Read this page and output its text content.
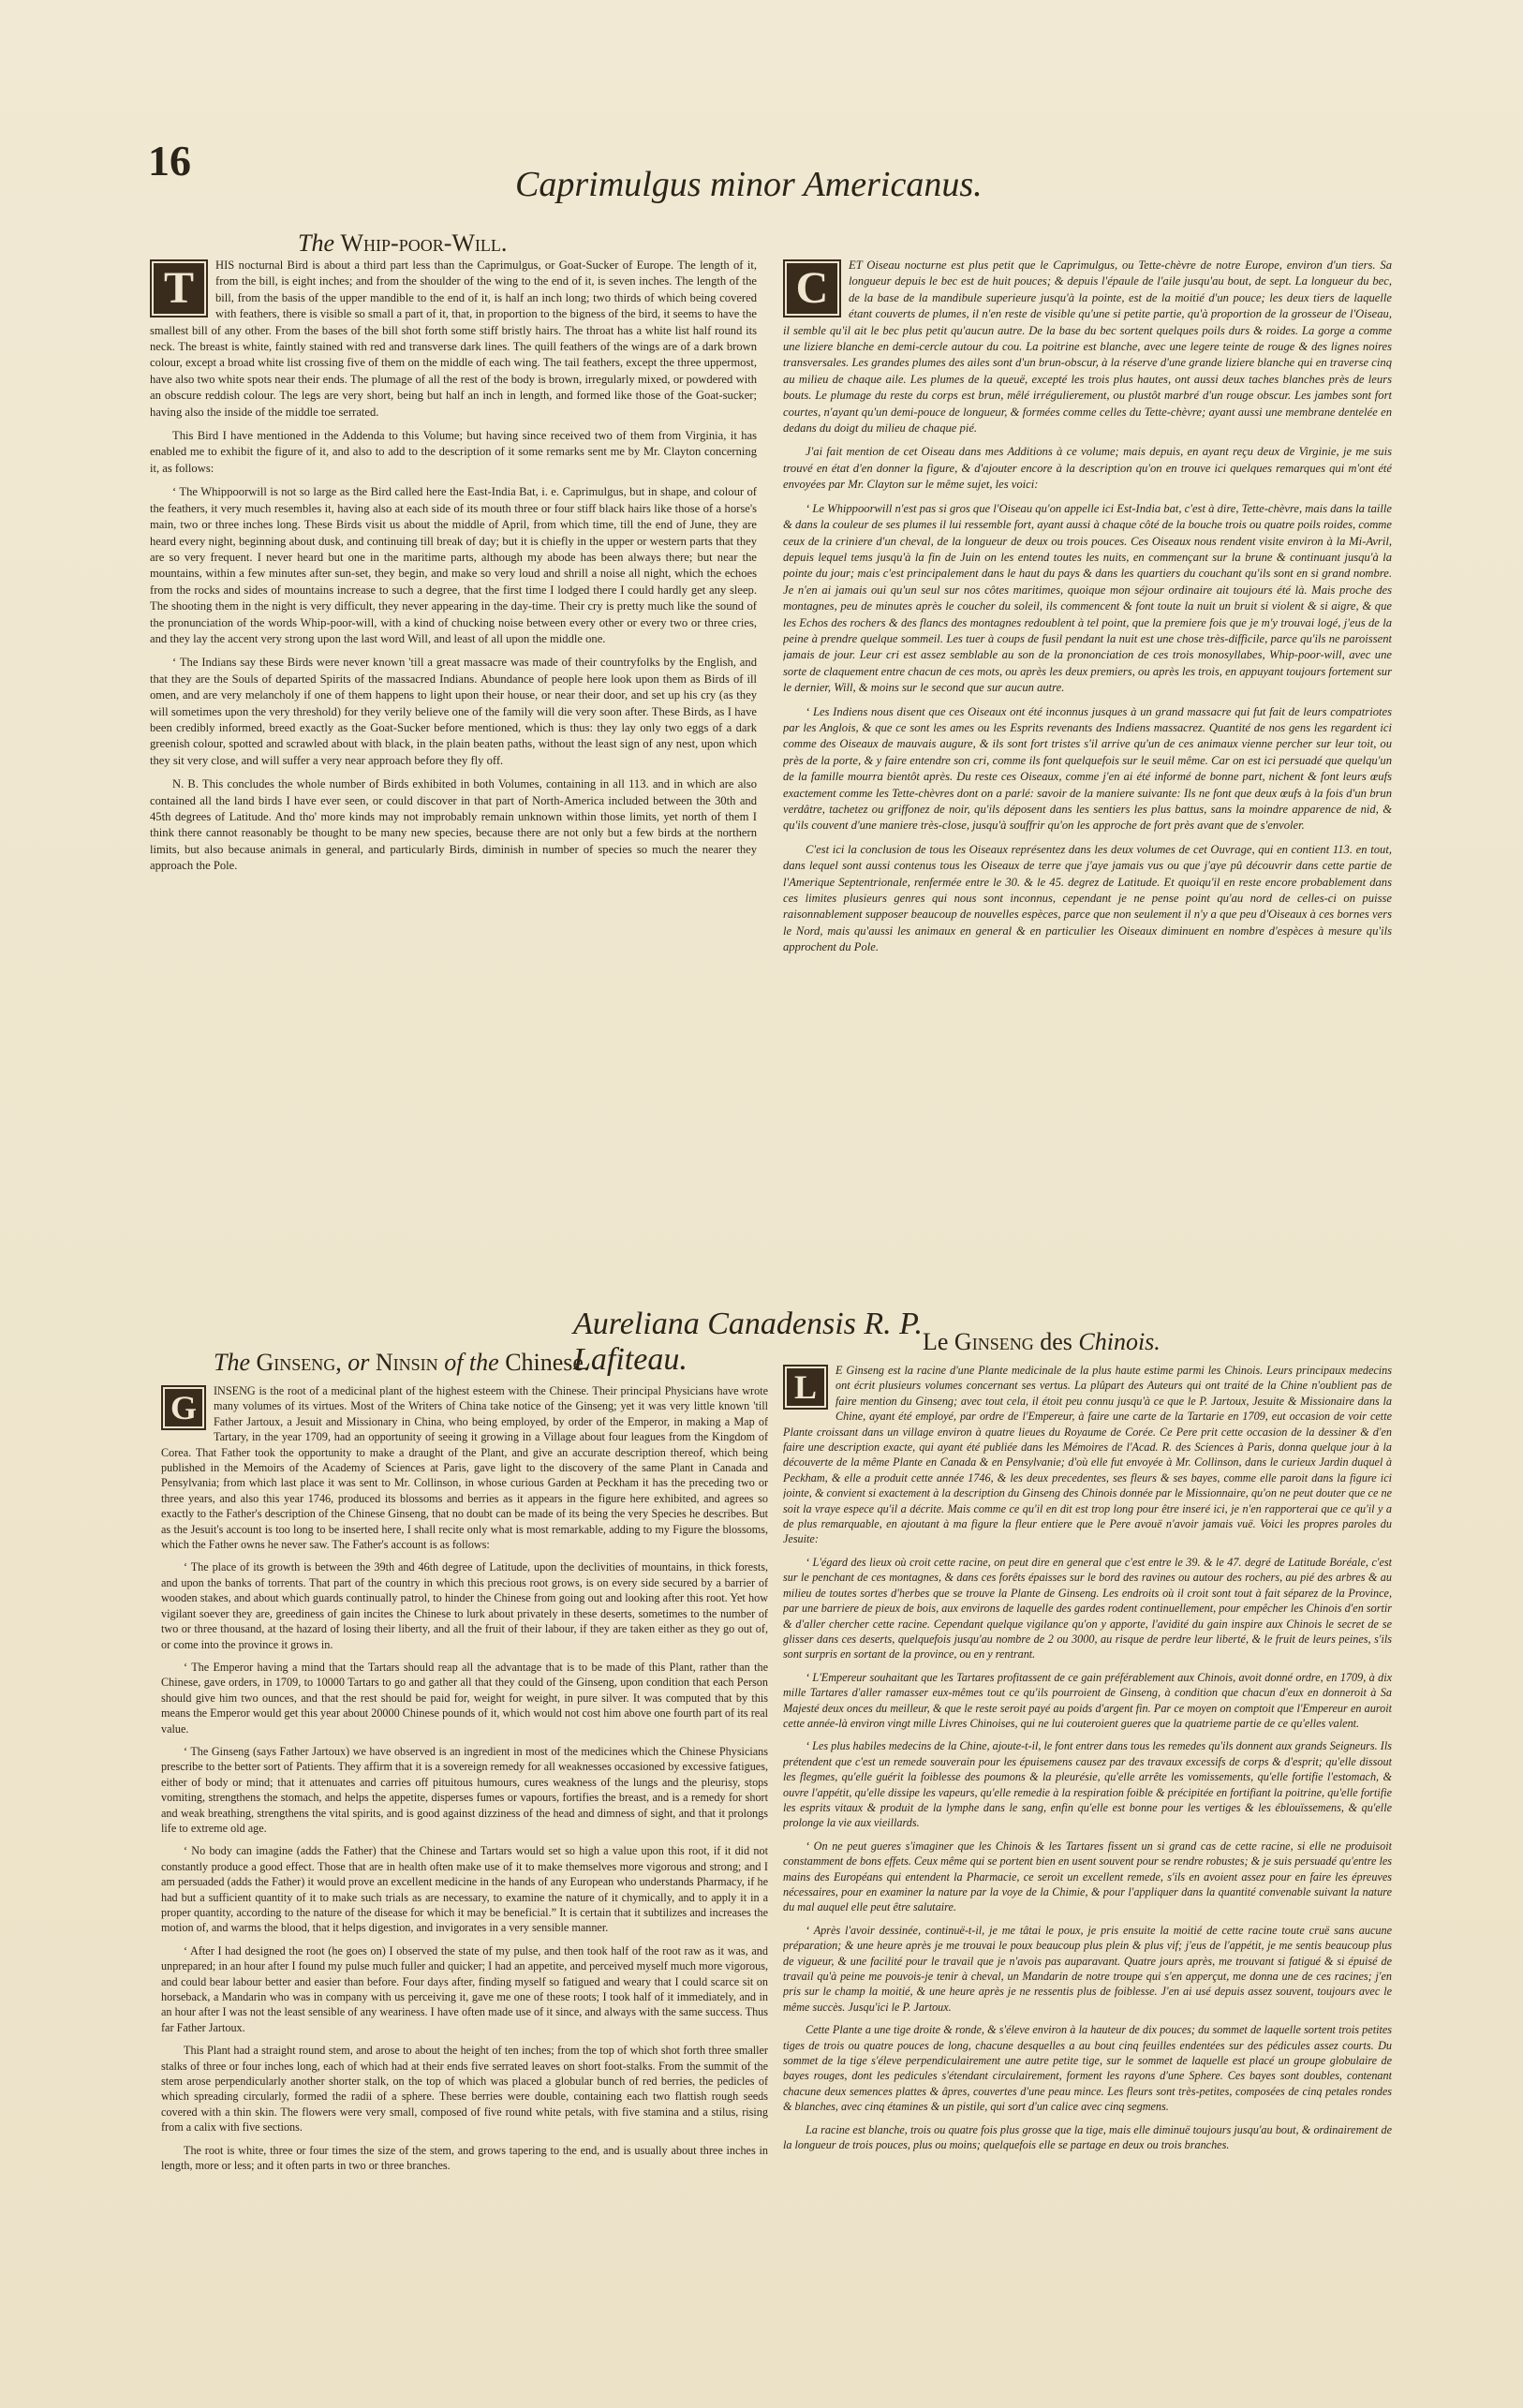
16	Caprimulgus minor Americanus.
The Whip-poor-Will.

T	HIS nocturnal Bird is about a third part less than the Caprimulgus, or Goat-Sucker of Europe. The length of it, from the bill, is eight inches; and from the shoulder of the wing to the end of it, is seven inches. The length of the bill, from the basis of the upper mandible to the end of it, is half an inch long; two thirds of which being covered with feathers, there is visible so small a part of it, that, in proportion to the bigness of the bird, it seems to have the smallest bill of any other. From the bases of the bill shot forth some stiff bristly hairs. The throat has a white list half round its neck. The breast is white, faintly stained with red and transverse dark lines. The quill feathers of the wings are of a dark brown colour, except a broad white list crossing five of them on the middle of each wing. The tail feathers, except the three uppermost, have also two white spots near their ends. The plumage of all the rest of the body is brown, irregularly mixed, or powdered with an obscure reddish colour. The legs are very short, being but half an inch in length, and formed like those of the Goat-sucker; having also the inside of the middle toe serrated.

This Bird I have mentioned in the Addenda to this Volume; but having since received two of them from Virginia, it has enabled me to exhibit the figure of it, and also to add to the description of it some remarks sent me by Mr. Clayton concerning it, as follows:

‘ The Whippoorwill is not so large as the Bird called here the East-India Bat, i. e. Caprimulgus, but in shape, and colour of the feathers, it very much resembles it, having also at each side of its mouth three or four stiff black hairs like those of a horse's main, two or three inches long. These Birds visit us about the middle of April, from which time, till the end of June, they are heard every night, beginning about dusk, and continuing till break of day; but it is chiefly in the upper or western parts that they are so very frequent. I never heard but one in the maritime parts, although my abode has been always there; but near the mountains, within a few minutes after sun-set, they begin, and make so very loud and shrill a noise all night, which the echoes from the rocks and sides of mountains increase to such a degree, that the first time I lodged there I could hardly get any sleep. The shooting them in the night is very difficult, they never appearing in the day-time. Their cry is pretty much like the sound of the pronunciation of the words Whip-poor-will, with a kind of chucking noise between every other or every two or three cries, and they lay the accent very strong upon the last word Will, and least of all upon the middle one.

‘ The Indians say these Birds were never known 'till a great massacre was made of their countryfolks by the English, and that they are the Souls of departed Spirits of the massacred Indians. Abundance of people here look upon them as Birds of ill omen, and are very melancholy if one of them happens to light upon their house, or near their door, and set up his cry (as they will sometimes upon the very threshold) for they verily believe one of the family will die very soon after. These Birds, as I have been credibly informed, breed exactly as the Goat-Sucker before mentioned, which is thus: they lay only two eggs of a dark greenish colour, spotted and scrawled about with black, in the plain beaten paths, without the least sign of any nest, upon which they sit very close, and will suffer a very near approach before they fly off.

N. B. This concludes the whole number of Birds exhibited in both Volumes, containing in all 113. and in which are also contained all the land birds I have ever seen, or could discover in that part of North-America included between the 30th and 45th degrees of Latitude. And tho' more kinds may not improbably remain unknown within those limits, yet north of them I think there cannot reasonably be thought to be many new species, because there are not only but a few birds at the northern limits, but also because animals in general, and particularly Birds, diminish in number of species so much the nearer they approach the Pole.

C	ET Oiseau nocturne est plus petit que le Caprimulgus, ou Tette-chèvre de notre Europe, environ d'un tiers. Sa longueur depuis le bec est de huit pouces; & depuis l'épaule de l'aile jusqu'au bout, de sept. La longueur du bec, de la base de la mandibule superieure jusqu'à la pointe, est de la moitié d'un pouce; les deux tiers de laquelle étant couverts de plumes, il n'en reste de visible qu'une si petite partie, qu'à proportion de la grosseur de l'Oiseau, il semble qu'il ait le bec plus petit qu'aucun autre. De la base du bec sortent quelques poils durs & roides. La gorge a comme une liziere blanche en demi-cercle autour du cou. La poitrine est blanche, avec une legere teinte de rouge & des lignes noires transversales. Les grandes plumes des ailes sont d'un brun-obscur, à la réserve d'une grande liziere blanche qui en traverse cinq au milieu de chaque aile. Les plumes de la queuë, excepté les trois plus hautes, ont aussi deux taches blanches près de leurs bouts. Le plumage du reste du corps est brun, mêlé irrégulierement, ou plustôt marbré d'un rouge obscur. Les jambes sont fort courtes, n'ayant qu'un demi-pouce de longueur, & formées comme celles du Tette-chèvre; ayant aussi une membrane dentelée en dedans du doigt du milieu de chaque pié.

J'ai fait mention de cet Oiseau dans mes Additions à ce volume; mais depuis, en ayant reçu deux de Virginie, je me suis trouvé en état d'en donner la figure, & d'ajouter encore à la description qu'on en trouve ici quelques remarques qui m'ont été envoyées par Mr. Clayton sur le même sujet, les voici:

‘ Le Whippoorwill n'est pas si gros que l'Oiseau qu'on appelle ici Est-India bat, c'est à dire, Tette-chèvre, mais dans la taille & dans la couleur de ses plumes il lui ressemble fort, ayant aussi à chaque côté de la bouche trois ou quatre poils roides, comme ceux de la criniere d'un cheval, de la longueur de deux ou trois pouces. Ces Oiseaux nous rendent visite environ à la Mi-Avril, depuis lequel tems jusqu'à la fin de Juin on les entend toutes les nuits, en commençant sur la brune & continuant jusqu'à la pointe du jour; mais c'est principalement dans le haut du pays & dans les quartiers du couchant qu'ils sont en si grand nombre. Je n'en ai jamais oui qu'un seul sur nos côtes maritimes, quoique mon séjour ordinaire ait toujours été là. Mais proche des montagnes, peu de minutes après le coucher du soleil, ils commencent & font toute la nuit un bruit si violent & si aigre, & que les Echos des rochers & des flancs des montagnes redoublent à tel point, que la premiere fois que je m'y trouvai logé, j'eus de la peine à prendre quelque sommeil. Les tuer à coups de fusil pendant la nuit est une chose très-difficile, parce qu'ils ne paroissent jamais de jour. Leur cri est assez semblable au son de la prononciation de ces trois monosyllabes, Whip-poor-will, avec une sorte de claquement entre chacun de ces mots, ou après les deux premiers, ou après les trois, en appuyant toujours fortement sur le dernier, Will, & moins sur le second que sur aucun autre.

‘ Les Indiens nous disent que ces Oiseaux ont été inconnus jusques à un grand massacre qui fut fait de leurs compatriotes par les Anglois, & que ce sont les ames ou les Esprits revenants des Indiens massacrez. Quantité de nos gens les regardent ici comme des Oiseaux de mauvais augure, & ils sont fort tristes s'il arrive qu'un de ces animaux vienne percher sur leur toit, ou près de la porte, & y faire entendre son cri, comme ils font quelquefois sur le seuil même. Car on est ici persuadé que quelqu'un de la famille mourra bientôt après. Du reste ces Oiseaux, comme j'en ai été informé de bonne part, nichent & font leurs œufs exactement comme les Tette-chèvres dont on a parlé: savoir de la maniere suivante: Ils ne font que deux œufs à la fois d'un brun verdâtre, tachetez ou griffonez de noir, qu'ils déposent dans les sentiers les plus battus, sans la moindre apparence de nid, & qu'ils couvent d'une maniere très-close, jusqu'à souffrir qu'on les approche de fort près avant que de s'envoler.

C'est ici la conclusion de tous les Oiseaux représentez dans les deux volumes de cet Ouvrage, qui en contient 113. en tout, dans lequel sont aussi contenus tous les Oiseaux de terre que j'aye jamais vus ou que j'aye pû découvrir dans cette partie de l'Amerique Septentrionale, renfermée entre le 30. & le 45. degrez de Latitude. Et quoiqu'il en reste encore probablement dans ces limites plusieurs genres qui nous sont inconnus, cependant je ne pense point qu'au nord de celles-ci on puisse raisonnablement supposer beaucoup de nouvelles espèces, parce que non seulement il n'y a que peu d'Oiseaux à ces bornes vers le Nord, mais qu'aussi les animaux en general & en particulier les Oiseaux diminuent en nombre d'espèces à mesure qu'ils approchent du Pole.

Aureliana Canadensis R. P. Lafiteau.
The Ginseng, or Ninsin of the Chinese.
Le Ginseng des Chinois.

G	INSENG is the root of a medicinal plant of the highest esteem with the Chinese. Their principal Physicians have wrote many volumes of its virtues. Most of the Writers of China take notice of the Ginseng; yet it was very little known 'till Father Jartoux, a Jesuit and Missionary in China, who being employed, by order of the Emperor, in making a Map of Tartary, in the year 1709, had an opportunity of seeing it growing in a Village about four leagues from the Kingdom of Corea. That Father took the opportunity to make a draught of the Plant, and give an accurate description thereof, which being published in the Memoirs of the Academy of Sciences at Paris, gave light to the discovery of the same Plant in Canada and Pensylvania; from which last place it was sent to Mr. Collinson, in whose curious Garden at Peckham it has the preceding two or three years, and also this year 1746, produced its blossoms and berries as it appears in the figure here exhibited, and agrees so exactly to the Father's description of the Chinese Ginseng, that no doubt can be made of its being the very Species he describes. But as the Jesuit's account is too long to be inserted here, I shall recite only what is most remarkable, adding to my Figure the blossoms, which the Father owns he never saw. The Father's account is as follows:

‘ The place of its growth is between the 39th and 46th degree of Latitude, upon the declivities of mountains, in thick forests, and upon the banks of torrents. That part of the country in which this precious root grows, is on every side secured by a barrier of wooden stakes, and about which guards continually patrol, to hinder the Chinese from going out and looking after this root. Yet how vigilant soever they are, greediness of gain incites the Chinese to lurk about privately in these deserts, sometimes to the number of two or three thousand, at the hazard of losing their liberty, and all the fruit of their labour, if they are taken either as they go out of, or come into the province it grows in.

‘ The Emperor having a mind that the Tartars should reap all the advantage that is to be made of this Plant, rather than the Chinese, gave orders, in 1709, to 10000 Tartars to go and gather all that they could of the Ginseng, upon condition that each Person should give him two ounces, and that the rest should be paid for, weight for weight, in pure silver. It was computed that by this means the Emperor would get this year about 20000 Chinese pounds of it, which would not cost him above one fourth part of its real value.

‘ The Ginseng (says Father Jartoux) we have observed is an ingredient in most of the medicines which the Chinese Physicians prescribe to the better sort of Patients. They affirm that it is a sovereign remedy for all weaknesses occasioned by excessive fatigues, either of body or mind; that it attenuates and carries off pituitous humours, cures weakness of the lungs and the pleurisy, stops vomiting, strengthens the stomach, and helps the appetite, disperses fumes or vapours, fortifies the breast, and is a remedy for short and weak breathing, strengthens the vital spirits, and is good against dizziness of the head and dimness of sight, and that it prolongs life to extreme old age.

‘ No body can imagine (adds the Father) that the Chinese and Tartars would set so high a value upon this root, if it did not constantly produce a good effect. Those that are in health often make use of it to make themselves more vigorous and strong; and I am persuaded (adds the Father) it would prove an excellent medicine in the hands of any European who understands Pharmacy, if he had but a sufficient quantity of it to make such trials as are necessary, to examine the nature of it chymically, and to apply it in a proper quantity, according to the nature of the disease for which it may be beneficial.” It is certain that it subtilizes and increases the motion of, and warms the blood, that it helps digestion, and invigorates in a very sensible manner.

‘ After I had designed the root (he goes on) I observed the state of my pulse, and then took half of the root raw as it was, and unprepared; in an hour after I found my pulse much fuller and quicker; I had an appetite, and perceived myself much more vigorous, and could bear labour better and easier than before. Four days after, finding myself so fatigued and weary that I could scarce sit on horseback, a Mandarin who was in company with us perceiving it, gave me one of these roots; I took half of it immediately, and in an hour after I was not the least sensible of any weariness. I have often made use of it since, and always with the same success. Thus far Father Jartoux.

This Plant had a straight round stem, and arose to about the height of ten inches; from the top of which shot forth three smaller stalks of three or four inches long, each of which had at their ends five serrated leaves on short foot-stalks. From the summit of the stem arose perpendicularly another shorter stalk, on the top of which was placed a globular bunch of red berries, the pedicles of which spreading circularly, formed the radii of a sphere. These berries were double, containing each two flattish rough seeds covered with a thin skin. The flowers were very small, composed of five round white petals, with five stamina and a stilus, rising from a calix with five sections.

The root is white, three or four times the size of the stem, and grows tapering to the end, and is usually about three inches in length, more or less; and it often parts in two or three branches.

L	E Ginseng est la racine d'une Plante medicinale de la plus haute estime parmi les Chinois. Leurs principaux medecins ont écrit plusieurs volumes concernant ses vertus. La plûpart des Auteurs qui ont traité de la Chine n'oublient pas de faire mention du Ginseng; avec tout cela, il étoit peu connu jusqu'à ce que le P. Jartoux, Jesuite & Missionaire dans la Chine, ayant été employé, par ordre de l'Empereur, à faire une carte de la Tartarie en 1709, eut occasion de voir cette Plante croissant dans un village environ à quatre lieues du Royaume de Corée. Ce Pere prit cette occasion de la dessiner & d'en faire une description exacte, qui ayant été publiée dans les Mémoires de l'Acad. R. des Sciences à Paris, donna quelque jour à la découverte de la même Plante en Canada & en Pensylvanie; d'où elle fut envoyée à Mr. Collinson, dans le curieux Jardin duquel à Peckham, & elle a produit cette année 1746, & les deux precedentes, ses fleurs & ses bayes, comme elle paroit dans la figure ici jointe, & convient si exactement à la description du Ginseng des Chinois donnée par le Missionnaire, qu'on ne peut douter que ce ne soit la vraye espece qu'il a décrite. Mais comme ce qu'il en dit est trop long pour être inseré ici, je n'en rapporterai que ce qu'il y a de plus remarquable, en ajoutant à ma figure la fleur entiere que le Pere avouë n'avoir jamais vuë. Voici les propres paroles du Jesuite:

‘ L'égard des lieux où croit cette racine, on peut dire en general que c'est entre le 39. & le 47. degré de Latitude Boréale, c'est sur le penchant de ces montagnes, & dans ces forêts épaisses sur le bord des ravines ou autour des rochers, au pié des arbres & au milieu de toutes sortes d'herbes que se trouve la Plante de Ginseng. Les endroits où il croit sont tout à fait séparez de la Province, par une barriere de pieux de bois, aux environs de laquelle des gardes rodent continuellement, pour empêcher les Chinois d'en sortir & d'aller chercher cette racine. Cependant quelque vigilance qu'on y apporte, l'avidité du gain inspire aux Chinois le secret de se glisser dans ces deserts, quelquefois jusqu'au nombre de 2 ou 3000, au risque de perdre leur liberté, & le fruit de leurs peines, s'ils sont surpris en sortant de la province, ou en y rentrant.

‘ L'Empereur souhaitant que les Tartares profitassent de ce gain préférablement aux Chinois, avoit donné ordre, en 1709, à dix mille Tartares d'aller ramasser eux-mêmes tout ce qu'ils pourroient de Ginseng, à condition que chacun d'eux en donneroit à Sa Majesté deux onces du meilleur, & que le reste seroit payé au poids d'argent fin. Par ce moyen on comptoit que l'Empereur en auroit cette année-là environ vingt mille Livres Chinoises, qui ne lui couteroient gueres que la quatrieme partie de ce qu'elles valent.

‘ Les plus habiles medecins de la Chine, ajoute-t-il, le font entrer dans tous les remedes qu'ils donnent aux grands Seigneurs. Ils prétendent que c'est un remede souverain pour les épuisemens causez par des travaux excessifs de corps & d'esprit; qu'elle dissout les flegmes, qu'elle guérit la foiblesse des poumons & la pleurésie, qu'elle arrête les vomissements, qu'elle fortifie l'estomach, & ouvre l'appétit, qu'elle dissipe les vapeurs, qu'elle remedie à la respiration foible & précipitée en fortifiant la poitrine, qu'elle fortifie les esprits vitaux & produit de la lymphe dans le sang, enfin qu'elle est bonne pour les vertiges & les éblouïssemens, & qu'elle prolonge la vie aux vieillards.

‘ On ne peut gueres s'imaginer que les Chinois & les Tartares fissent un si grand cas de cette racine, si elle ne produisoit constamment de bons effets. Ceux même qui se portent bien en usent souvent pour se rendre robustes; & je suis persuadé qu'entre les mains des Européans qui entendent la Pharmacie, ce seroit un excellent remede, s'ils en avoient assez pour en faire les épreuves nécessaires, pour en examiner la nature par la voye de la Chimie, & pour l'appliquer dans la quantité convenable suivant la nature du mal auquel elle peut être salutaire.

‘ Après l'avoir dessinée, continuë-t-il, je me tâtai le poux, je pris ensuite la moitié de cette racine toute cruë sans aucune préparation; & une heure après je me trouvai le poux beaucoup plus plein & plus vif; j'eus de l'appétit, je me sentis beaucoup plus de vigueur, & une facilité pour le travail que je n'avois pas auparavant. Quatre jours après, me trouvant si fatigué & si épuisé de travail qu'à peine me pouvois-je tenir à cheval, un Mandarin de notre troupe qui s'en apperçut, me donna une de ces racines; j'en pris sur le champ la moitié, & une heure après je ne ressentis plus de foiblesse. J'en ai usé depuis assez souvent, toujours avec le même succès. Jusqu'ici le P. Jartoux.

Cette Plante a une tige droite & ronde, & s'éleve environ à la hauteur de dix pouces; du sommet de laquelle sortent trois petites tiges de trois ou quatre pouces de long, chacune desquelles a au bout cinq feuilles endentées sur des pédicules assez courts. Du sommet de la tige s'éleve perpendiculairement une autre petite tige, sur le sommet de laquelle est placé un groupe globulaire de bayes rouges, dont les pedicules s'étendant circulairement, forment les rayons d'une Sphere. Ces bayes sont doubles, contenant chacune deux semences plattes & âpres, couvertes d'une peau mince. Les fleurs sont très-petites, composées de cinq petales rondes & blanches, avec cinq étamines & un pistile, qui sort d'un calice avec cinq segmens.

La racine est blanche, trois ou quatre fois plus grosse que la tige, mais elle diminuë toujours jusqu'au bout, & ordinairement de la longueur de trois pouces, plus ou moins; quelquefois elle se partage en deux ou trois branches.
